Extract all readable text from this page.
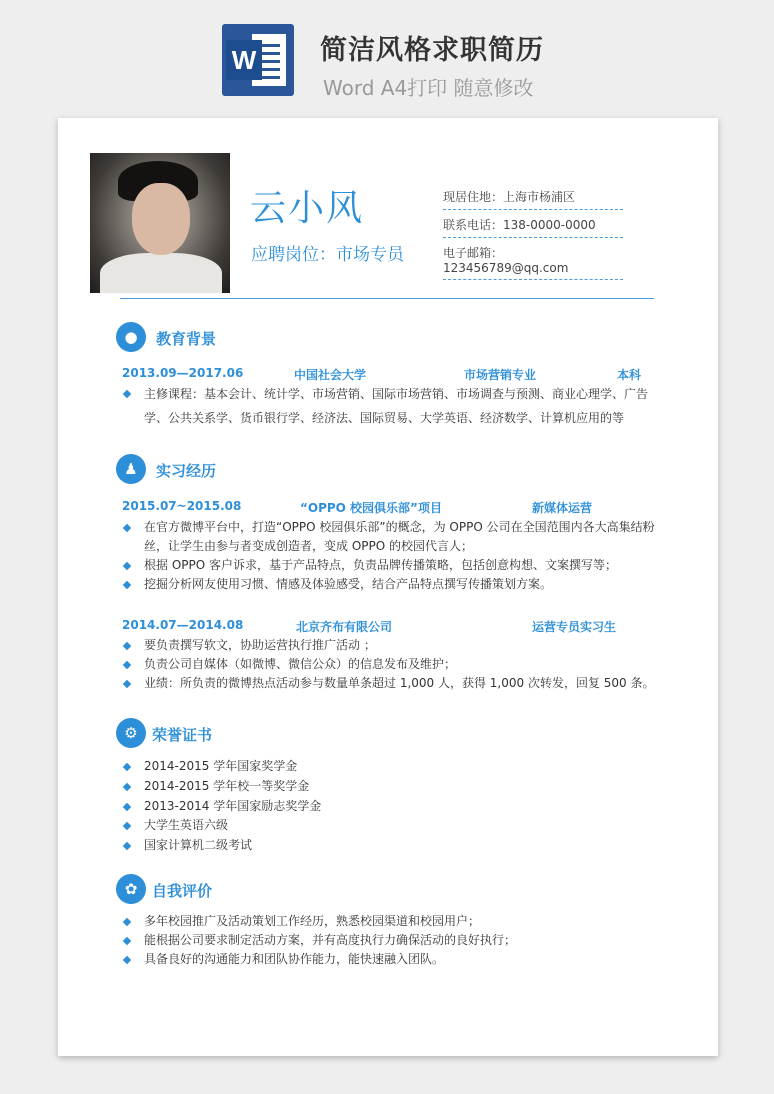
W 简洁风格求职简历
Word A4打印 随意修改
云小风
应聘岗位：市场专员
现居住地：上海市杨浦区
联系电话：138-0000-0000
电子邮箱：123456789@qq.com
●	教育背景
2013.09—2017.06	中国社会大学	市场营销专业	本科
主修课程：基本会计、统计学、市场营销、国际市场营销、市场调查与预测、商业心理学、广告学、公共关系学、货币银行学、经济法、国际贸易、大学英语、经济数学、计算机应用的等
♟	实习经历
2015.07~2015.08	“OPPO 校园俱乐部”项目	新媒体运营
在官方微博平台中，打造“OPPO 校园俱乐部”的概念，为 OPPO 公司在全国范围内各大高集结粉丝，让学生由参与者变成创造者，变成 OPPO 的校园代言人；
根据 OPPO 客户诉求，基于产品特点，负责品牌传播策略，包括创意构想、文案撰写等；
挖掘分析网友使用习惯、情感及体验感受，结合产品特点撰写传播策划方案。
2014.07—2014.08	北京齐布有限公司	运营专员实习生
要负责撰写软文，协助运营执行推广活动 ；
负责公司自媒体（如微博、微信公众）的信息发布及维护；
业绩：所负责的微博热点活动参与数量单条超过 1,000 人，获得 1,000 次转发，回复 500 条。
⚙ 荣誉证书
2014-2015 学年国家奖学金
2014-2015 学年校一等奖学金
2013-2014 学年国家励志奖学金
大学生英语六级
国家计算机二级考试
✿ 自我评价
多年校园推广及活动策划工作经历，熟悉校园渠道和校园用户；
能根据公司要求制定活动方案，并有高度执行力确保活动的良好执行；
具备良好的沟通能力和团队协作能力，能快速融入团队。
